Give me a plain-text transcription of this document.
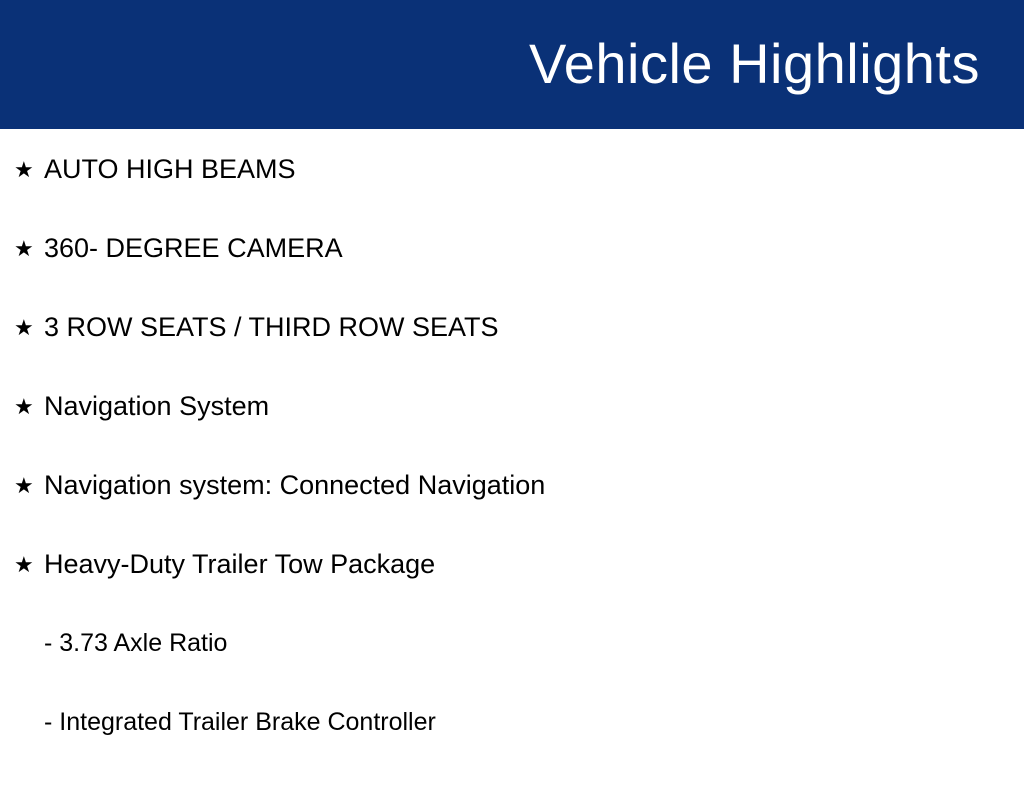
Vehicle Highlights
★ AUTO HIGH BEAMS
★ 360- DEGREE CAMERA
★ 3 ROW SEATS / THIRD ROW SEATS
★ Navigation System
★ Navigation system: Connected Navigation
★ Heavy-Duty Trailer Tow Package
- 3.73 Axle Ratio
- Integrated Trailer Brake Controller
